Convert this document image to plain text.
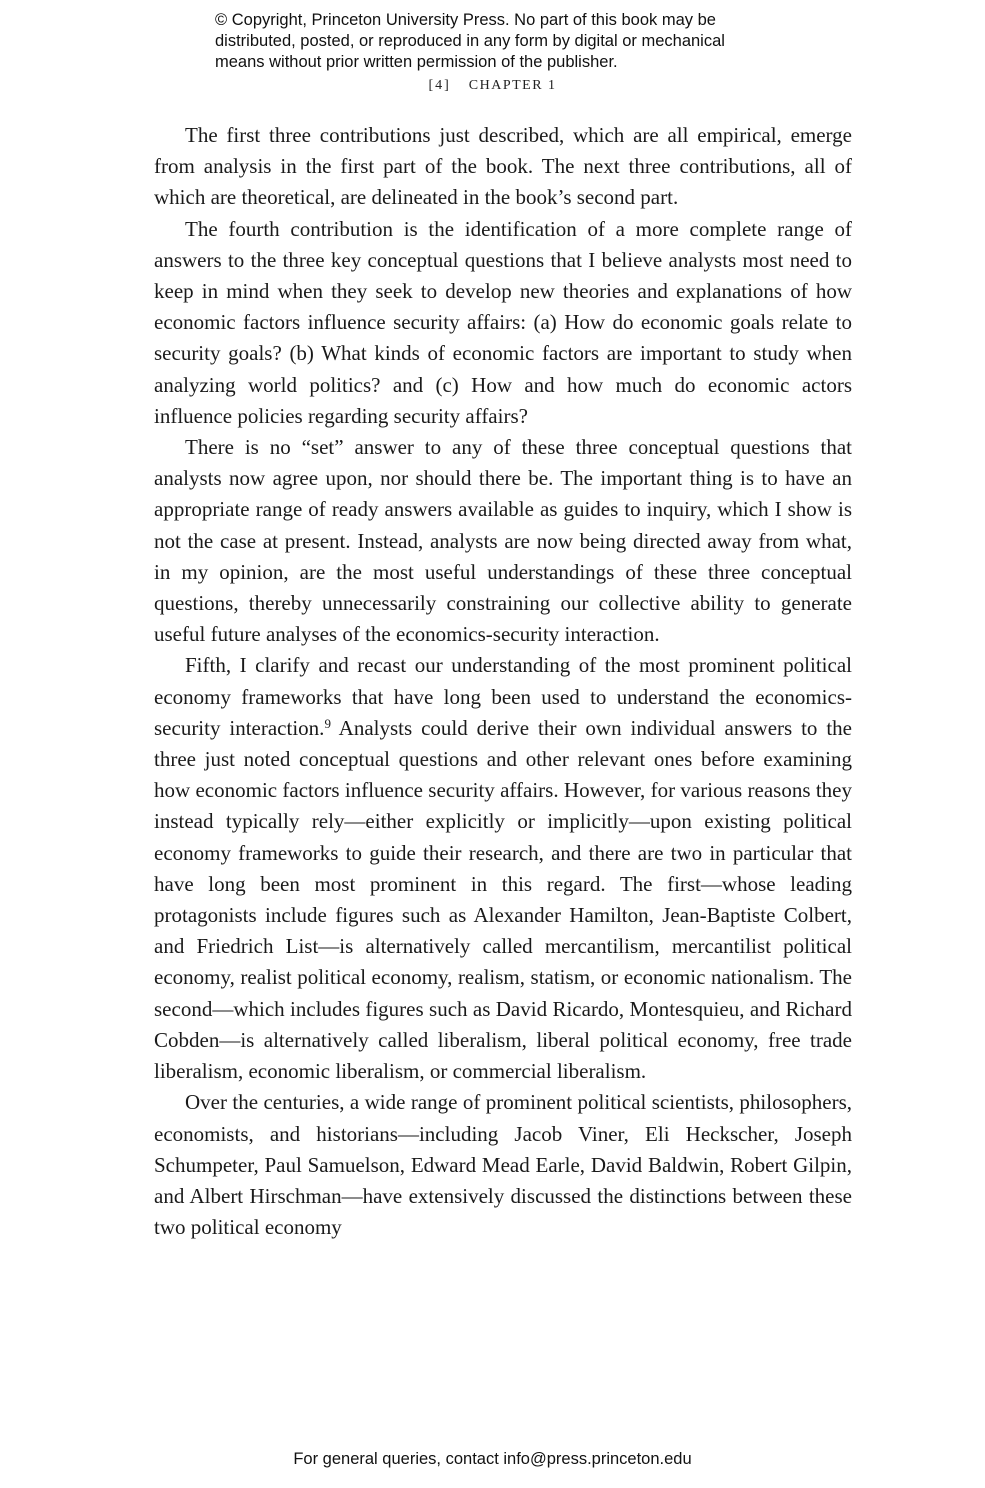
© Copyright, Princeton University Press. No part of this book may be
distributed, posted, or reproduced in any form by digital or mechanical
means without prior written permission of the publisher.
[4] CHAPTER 1

The first three contributions just described, which are all empirical, emerge from analysis in the first part of the book. The next three contributions, all of which are theoretical, are delineated in the book’s second part.

The fourth contribution is the identification of a more complete range of answers to the three key conceptual questions that I believe analysts most need to keep in mind when they seek to develop new theories and explanations of how economic factors influence security affairs: (a) How do economic goals relate to security goals? (b) What kinds of economic factors are important to study when analyzing world politics? and (c) How and how much do economic actors influence policies regarding security affairs?

There is no “set” answer to any of these three conceptual questions that analysts now agree upon, nor should there be. The important thing is to have an appropriate range of ready answers available as guides to inquiry, which I show is not the case at present. Instead, analysts are now being directed away from what, in my opinion, are the most useful understandings of these three conceptual questions, thereby unnecessarily constraining our collective ability to generate useful future analyses of the economics-security interaction.

Fifth, I clarify and recast our understanding of the most prominent political economy frameworks that have long been used to understand the economics-security interaction.$^9$ Analysts could derive their own individual answers to the three just noted conceptual questions and other relevant ones before examining how economic factors influence security affairs. However, for various reasons they instead typically rely—either explicitly or implicitly—upon existing political economy frameworks to guide their research, and there are two in particular that have long been most prominent in this regard. The first—whose leading protagonists include figures such as Alexander Hamilton, Jean-Baptiste Colbert, and Friedrich List—is alternatively called mercantilism, mercantilist political economy, realist political economy, realism, statism, or economic nationalism. The second—which includes figures such as David Ricardo, Montesquieu, and Richard Cobden—is alternatively called liberalism, liberal political economy, free trade liberalism, economic liberalism, or commercial liberalism.

Over the centuries, a wide range of prominent political scientists, philosophers, economists, and historians—including Jacob Viner, Eli Heckscher, Joseph Schumpeter, Paul Samuelson, Edward Mead Earle, David Baldwin, Robert Gilpin, and Albert Hirschman—have extensively discussed the distinctions between these two political economy

For general queries, contact info@press.princeton.edu
